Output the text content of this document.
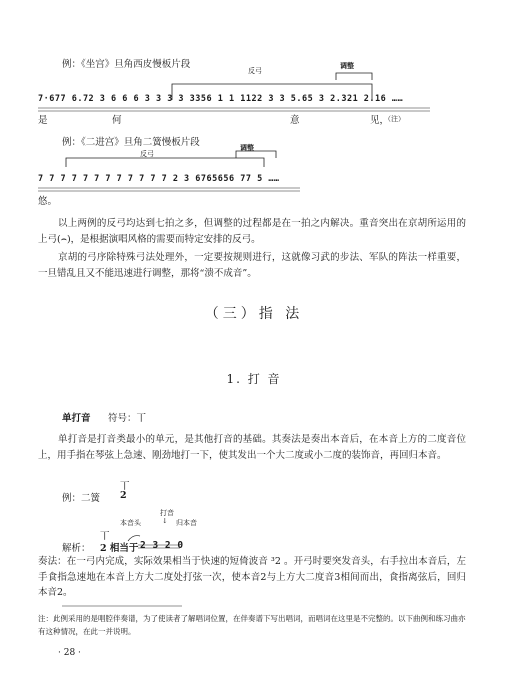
例：《坐宫》旦角西皮慢板片段
反弓
调整
7·677 6.72 3 6 6 6 3 3 3 3 3356 1 1 1122 3 3 5.65 3 2.321 2.16 ……
是	何	意	见，
（注）
例：《二进宫》旦角二簧慢板片段
反弓
调整
7 7 7 7 7 7 7 7 7 7 7 7 2 3 6765656 77 5 ……
悠。
以上两例的反弓均达到七拍之多，但调整的过程都是在一拍之内解决。重音突出在京胡所运用的上弓(⌢)，是根据演唱风格的需要而特定安排的反弓。
京胡的弓序除特殊弓法处理外，一定要按规则进行，这就像习武的步法、军队的阵法一样重要，一旦错乱且又不能迅速进行调整，那将“溃不成音”。
（三）指 法
1. 打 音
单打音 符号：丅
单打音是打音类最小的单元，是其他打音的基础。其奏法是奏出本音后，在本音上方的二度音位上，用手指在琴弦上急速、刚劲地打一下，使其发出一个大二度或小二度的装饰音，再回归本音。
丅
例：二簧 2
打音
本音头	↓ 归本音
丅
解析： 2 相当于 2 3 2 0
奏法：在一弓内完成，实际效果相当于快速的短倚波音 ³2 。开弓时要突发音头，右手拉出本音后，左手食指急速地在本音上方大二度处打弦一次，使本音2与上方大二度音3相间而出，食指离弦后，回归本音2。
注：此例采用的是唱腔伴奏谱，为了使读者了解唱词位置，在伴奏谱下写出唱词，而唱词在这里是不完整的。以下曲例和练习曲亦有这种情况，在此一并说明。
· 28 ·
